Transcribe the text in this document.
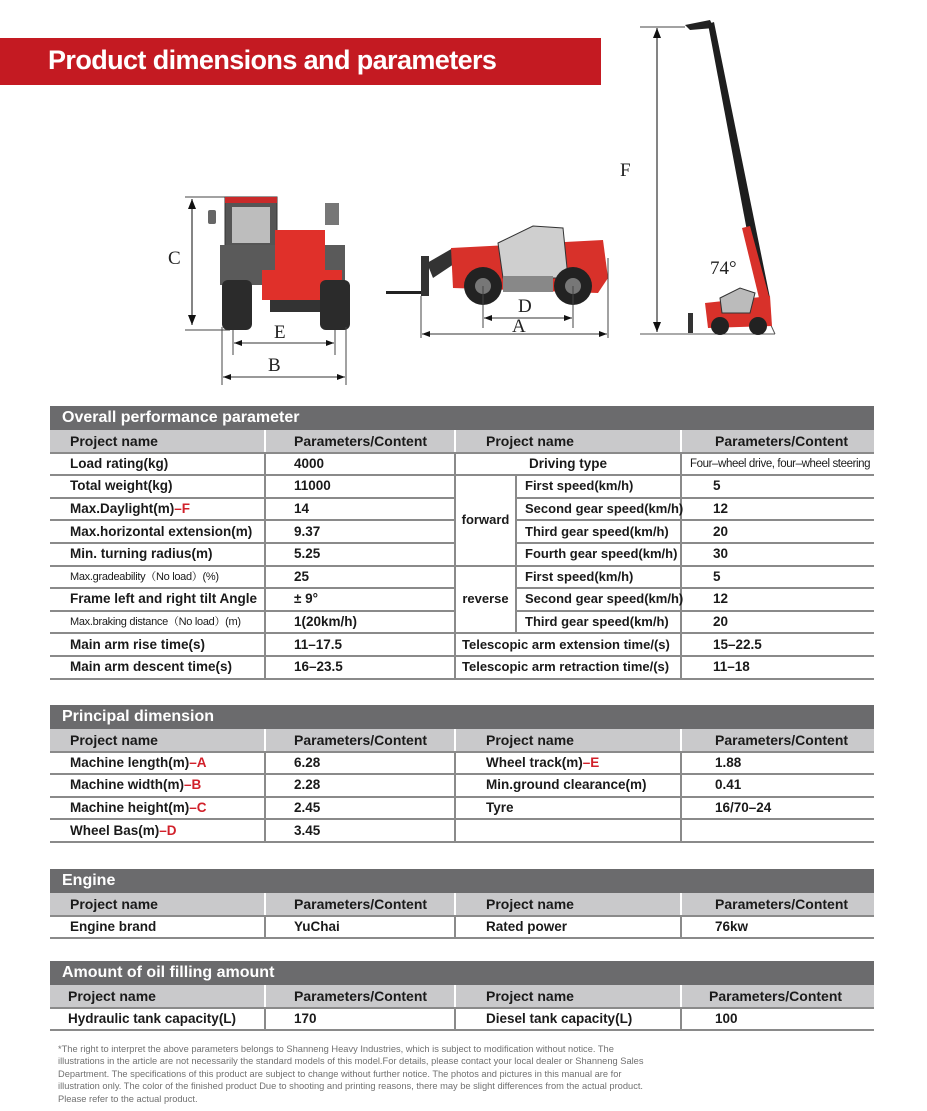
Product dimensions and parameters
C
E
B
D
A
F
74°
Overall performance parameter
Project name	Parameters/Content	Project name		Parameters/Content
Load rating(kg)	4000	Driving type		Four–wheel drive, four–wheel steering
Total weight(kg)	11000	forward	First speed(km/h)	5
Max.Daylight(m)–F	14		Second gear speed(km/h)	12
Max.horizontal extension(m)	9.37		Third gear speed(km/h)	20
Min. turning radius(m)	5.25		Fourth gear speed(km/h)	30
Max.gradeability（No load）(%)	25	reverse	First speed(km/h)	5
Frame left and right tilt Angle	± 9°		Second gear speed(km/h)	12
Max.braking distance（No load）(m)	1(20km/h)		Third gear speed(km/h)	20
Main arm rise time(s)	11–17.5	Telescopic arm extension time/(s)		15–22.5
Main arm descent time(s)	16–23.5	Telescopic arm retraction time/(s)		11–18
Principal dimension
Project name	Parameters/Content	Project name	Parameters/Content
Machine length(m)–A	6.28	Wheel track(m)–E	1.88
Machine width(m)–B	2.28	Min.ground clearance(m)	0.41
Machine height(m)–C	2.45	Tyre	16/70–24
Wheel Bas(m)–D	3.45		
Engine
Project name	Parameters/Content	Project name	Parameters/Content
Engine brand	YuChai	Rated power	76kw
Amount of oil filling amount
Project name	Parameters/Content	Project name	Parameters/Content
Hydraulic tank capacity(L)	170	Diesel tank capacity(L)	100
*The right to interpret the above parameters belongs to Shanneng Heavy Industries, which is subject to modification without notice. The illustrations in the article are not necessarily the standard models of this model.For details, please contact your local dealer or Shanneng Sales Department. The specifications of this product are subject to change without further notice. The photos and pictures in this manual are for illustration only. The color of the finished product Due to shooting and printing reasons, there may be slight differences from the actual product. Please refer to the actual product.
